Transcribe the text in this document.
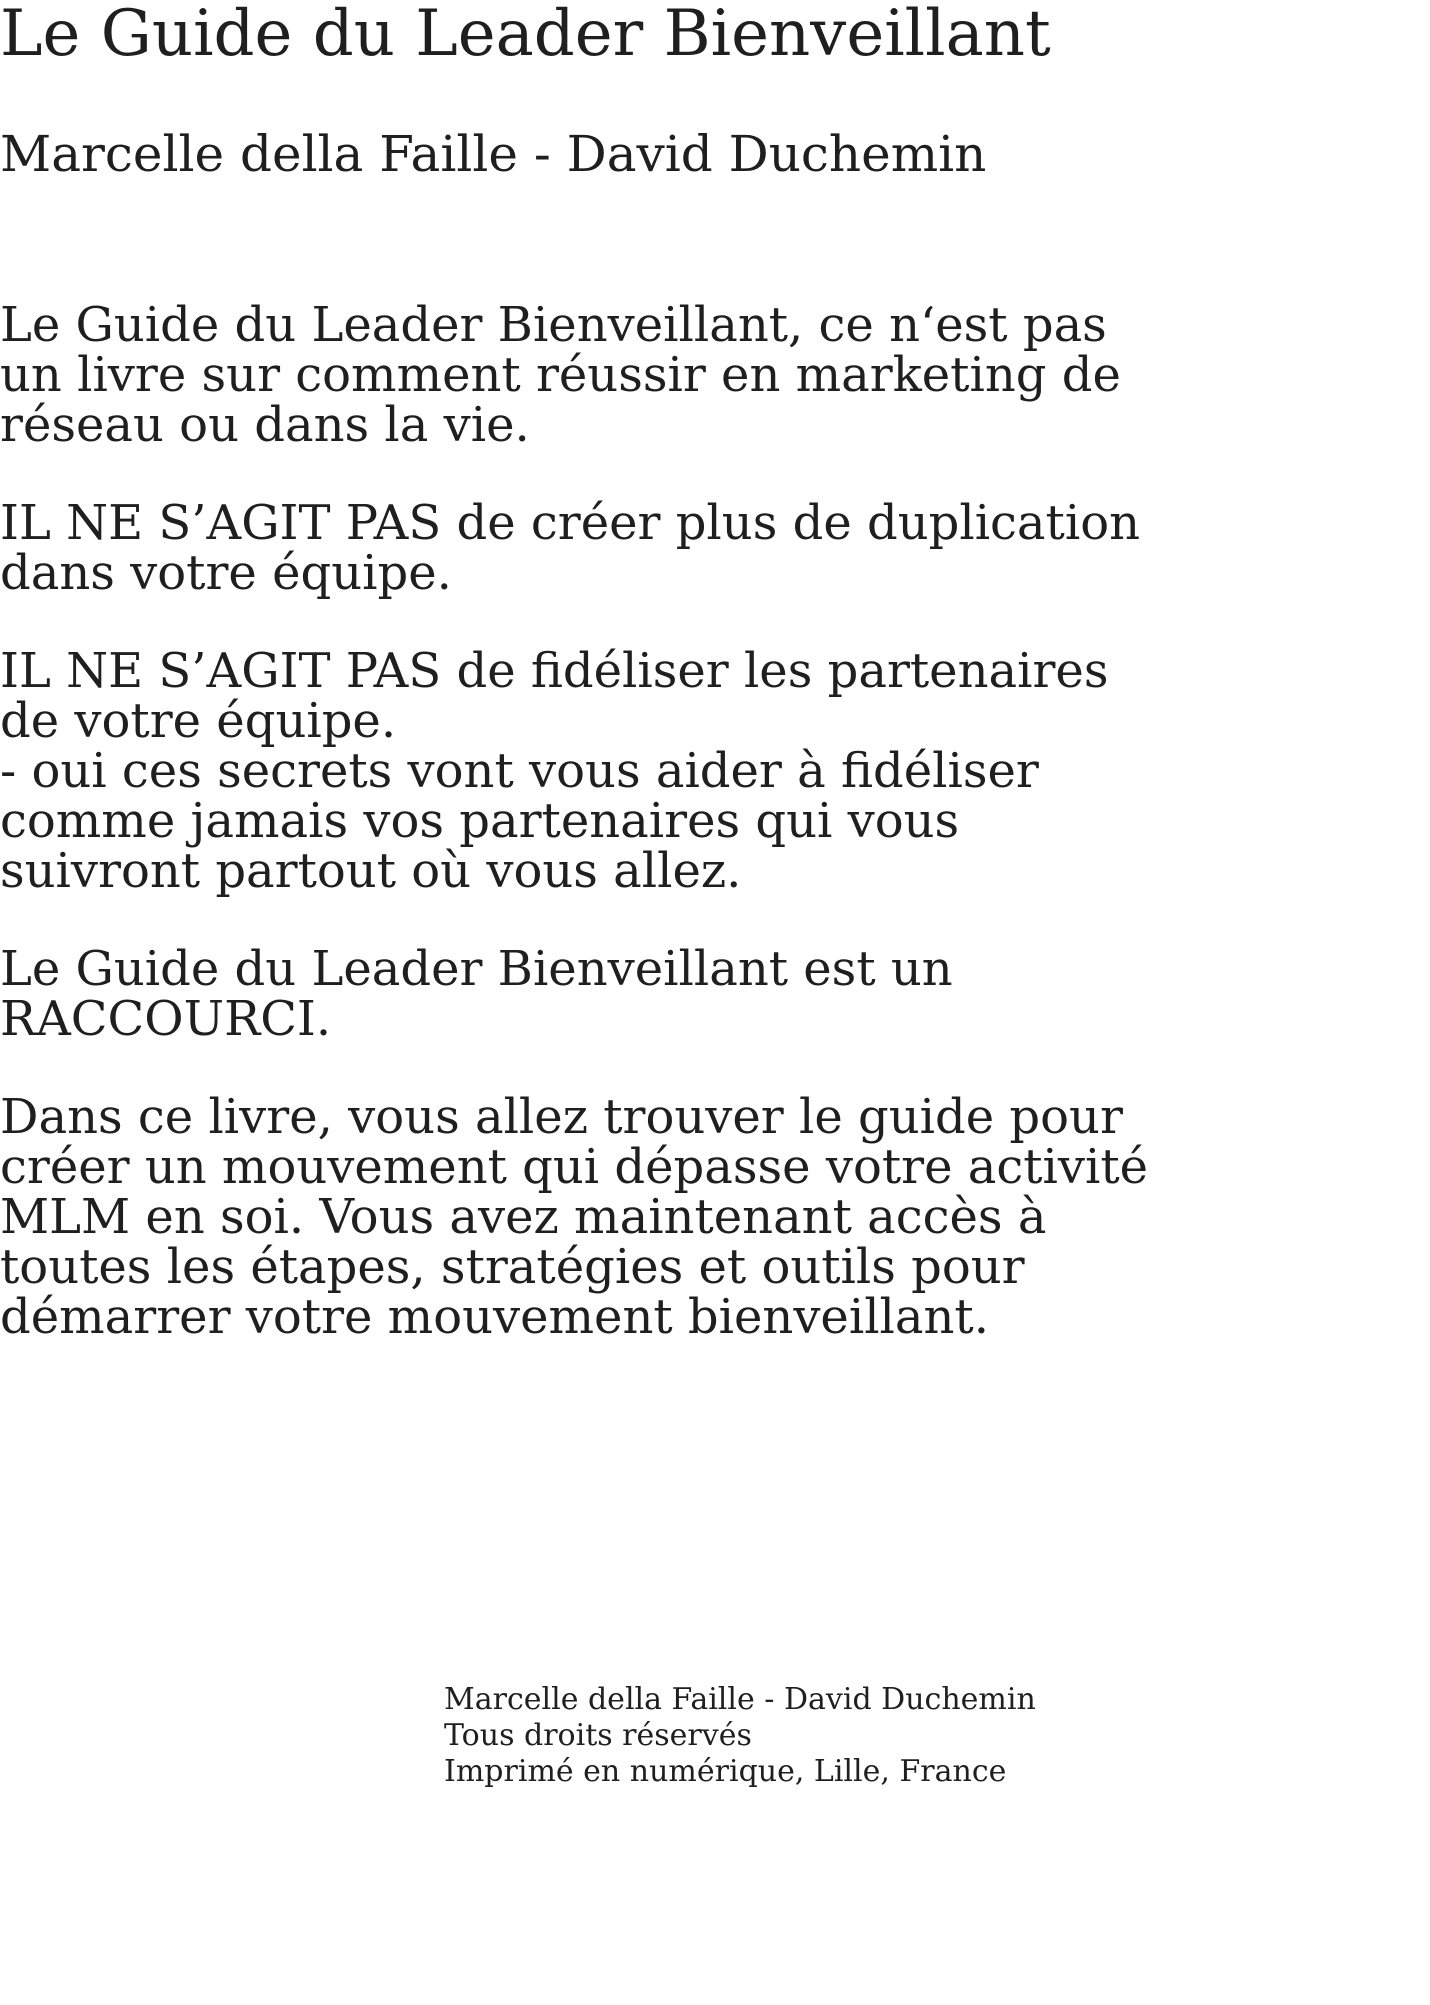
Le Guide du Leader Bienveillant

Marcelle della Faille - David Duchemin

Le Guide du Leader Bienveillant, ce n‘est pas
un livre sur comment réussir en marketing de
réseau ou dans la vie.

IL NE S’AGIT PAS de créer plus de duplication
dans votre équipe.

IL NE S’AGIT PAS de fidéliser les partenaires
de votre équipe.
- oui ces secrets vont vous aider à fidéliser
comme jamais vos partenaires qui vous
suivront partout où vous allez.

Le Guide du Leader Bienveillant est un
RACCOURCI.

Dans ce livre, vous allez trouver le guide pour
créer un mouvement qui dépasse votre activité
MLM en soi. Vous avez maintenant accès à
toutes les étapes, stratégies et outils pour
démarrer votre mouvement bienveillant.

Marcelle della Faille - David Duchemin
Tous droits réservés
Imprimé en numérique, Lille, France
